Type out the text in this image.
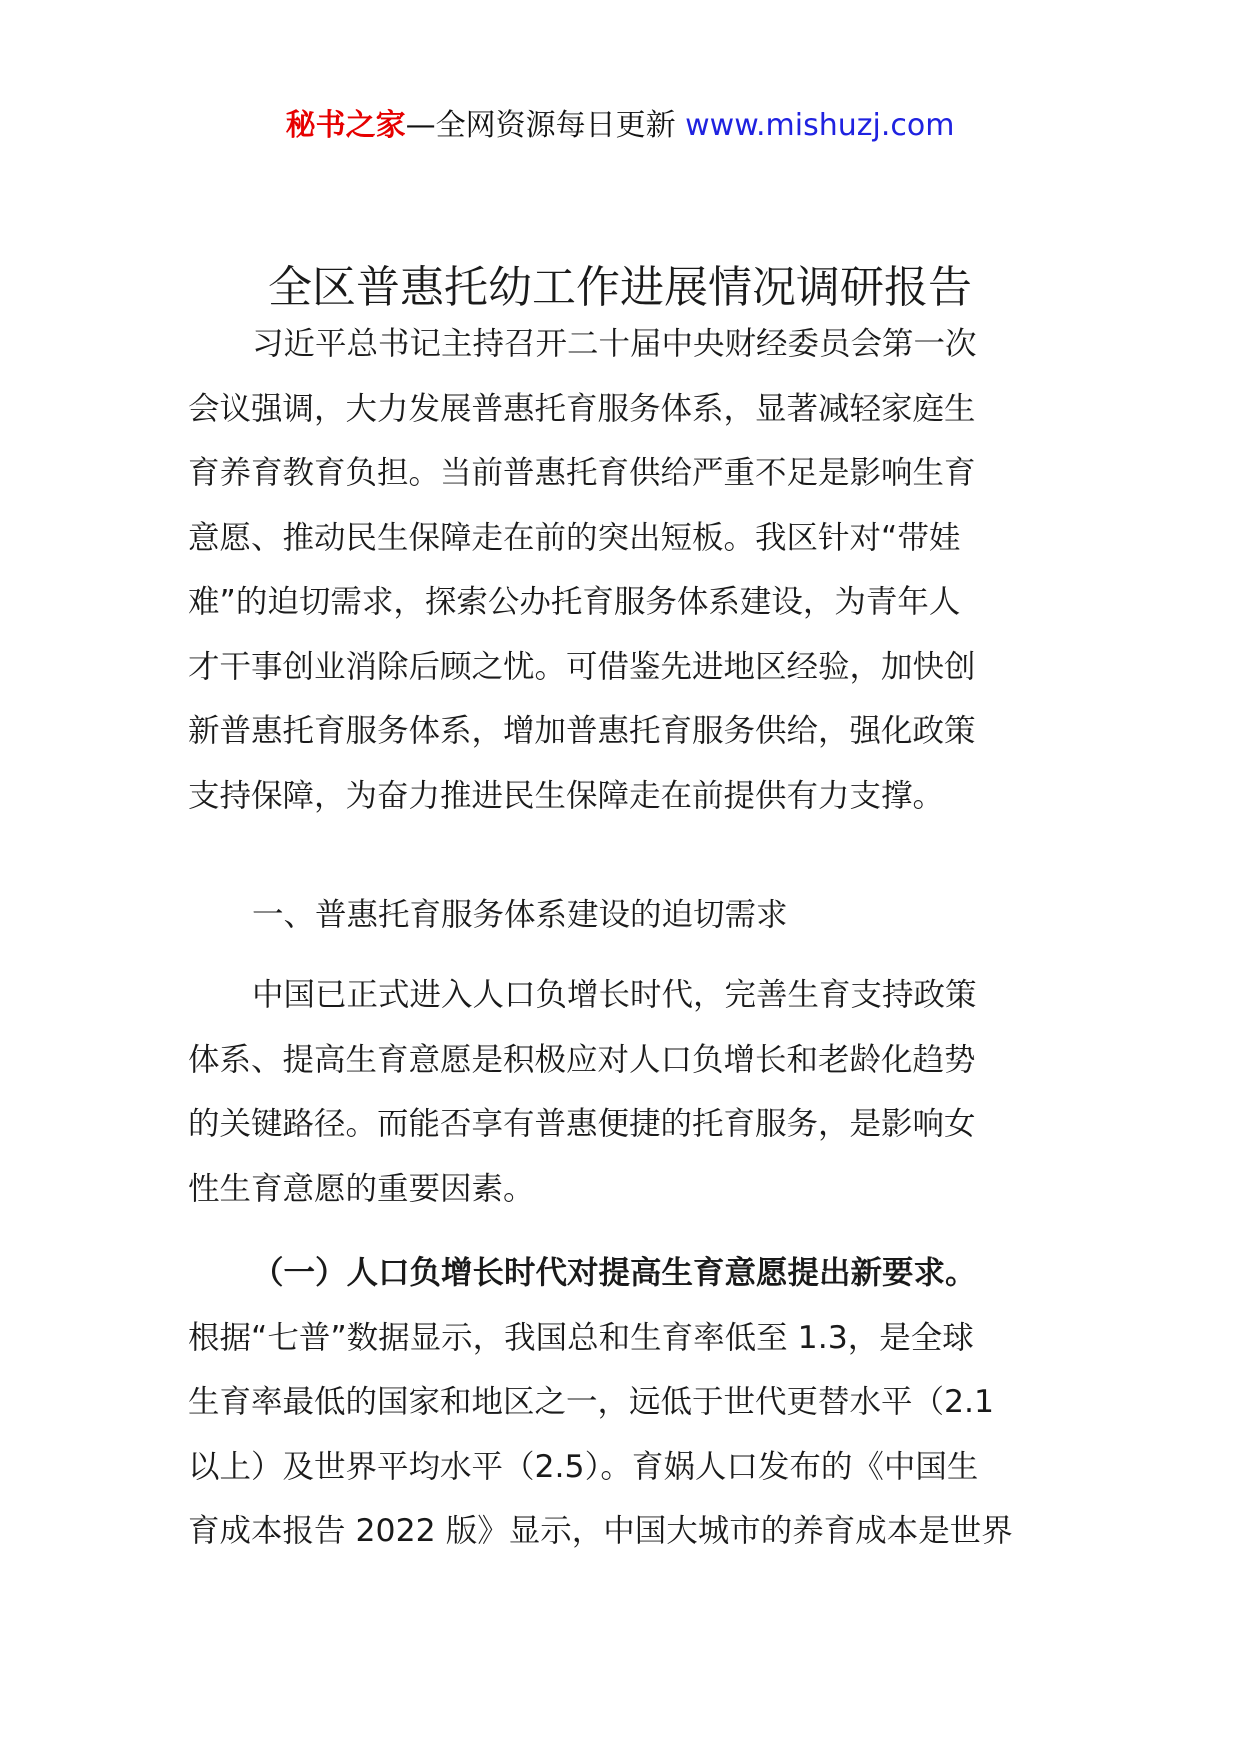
秘书之家—全网资源每日更新 www.mishuzj.com
全区普惠托幼工作进展情况调研报告
习近平总书记主持召开二十届中央财经委员会第一次
会议强调，大力发展普惠托育服务体系，显著减轻家庭生
育养育教育负担。当前普惠托育供给严重不足是影响生育
意愿、推动民生保障走在前的突出短板。我区针对“带娃
难”的迫切需求，探索公办托育服务体系建设，为青年人
才干事创业消除后顾之忧。可借鉴先进地区经验，加快创
新普惠托育服务体系，增加普惠托育服务供给，强化政策
支持保障，为奋力推进民生保障走在前提供有力支撑。
一、普惠托育服务体系建设的迫切需求
中国已正式进入人口负增长时代，完善生育支持政策
体系、提高生育意愿是积极应对人口负增长和老龄化趋势
的关键路径。而能否享有普惠便捷的托育服务，是影响女
性生育意愿的重要因素。
（一）人口负增长时代对提高生育意愿提出新要求。
根据“七普”数据显示，我国总和生育率低至 1.3，是全球
生育率最低的国家和地区之一，远低于世代更替水平（2.1
以上）及世界平均水平（2.5）。育娲人口发布的《中国生
育成本报告 2022 版》显示，中国大城市的养育成本是世界
